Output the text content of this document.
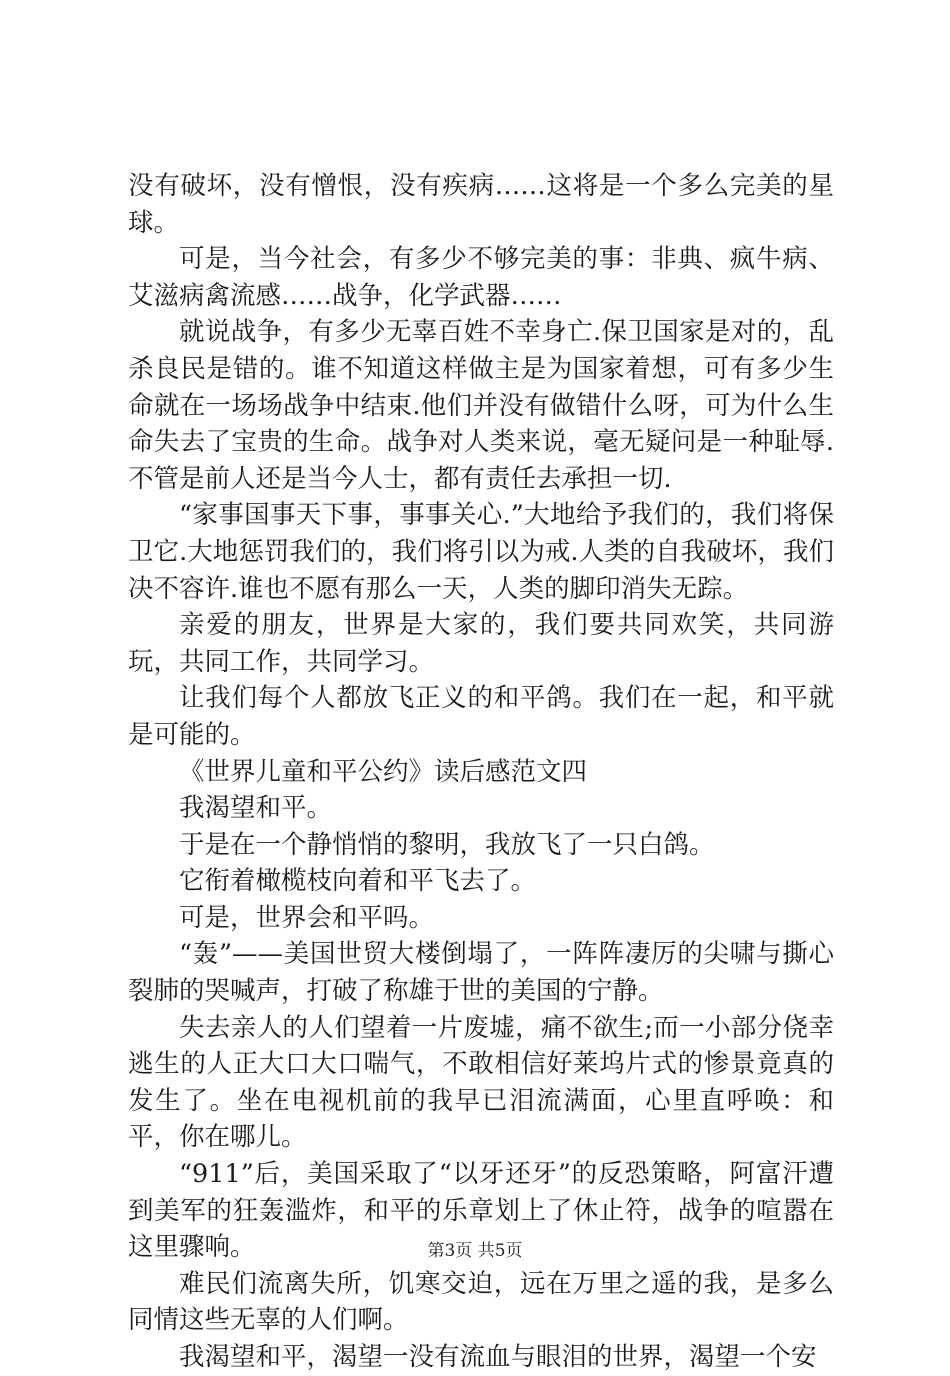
没有破坏，没有憎恨，没有疾病……这将是一个多么完美的星球。

可是，当今社会，有多少不够完美的事：非典、疯牛病、艾滋病禽流感……战争，化学武器……

就说战争，有多少无辜百姓不幸身亡.保卫国家是对的，乱杀良民是错的。谁不知道这样做主是为国家着想，可有多少生命就在一场场战争中结束.他们并没有做错什么呀，可为什么生命失去了宝贵的生命。战争对人类来说，毫无疑问是一种耻辱.不管是前人还是当今人士，都有责任去承担一切.

“家事国事天下事，事事关心.”大地给予我们的，我们将保卫它.大地惩罚我们的，我们将引以为戒.人类的自我破坏，我们决不容许.谁也不愿有那么一天，人类的脚印消失无踪。

亲爱的朋友，世界是大家的，我们要共同欢笑，共同游玩，共同工作，共同学习。

让我们每个人都放飞正义的和平鸽。我们在一起，和平就是可能的。

《世界儿童和平公约》读后感范文四

我渴望和平。

于是在一个静悄悄的黎明，我放飞了一只白鸽。

它衔着橄榄枝向着和平飞去了。

可是，世界会和平吗。

“轰”——美国世贸大楼倒塌了，一阵阵凄厉的尖啸与撕心裂肺的哭喊声，打破了称雄于世的美国的宁静。

失去亲人的人们望着一片废墟，痛不欲生;而一小部分侥幸逃生的人正大口大口喘气，不敢相信好莱坞片式的惨景竟真的发生了。坐在电视机前的我早已泪流满面，心里直呼唤：和平，你在哪儿。

“911”后，美国采取了“以牙还牙”的反恐策略，阿富汗遭到美军的狂轰滥炸，和平的乐章划上了休止符，战争的喧嚣在这里骤响。

难民们流离失所，饥寒交迫，远在万里之遥的我，是多么同情这些无辜的人们啊。

我渴望和平，渴望一没有流血与眼泪的世界，渴望一个安

第3页 共5页
